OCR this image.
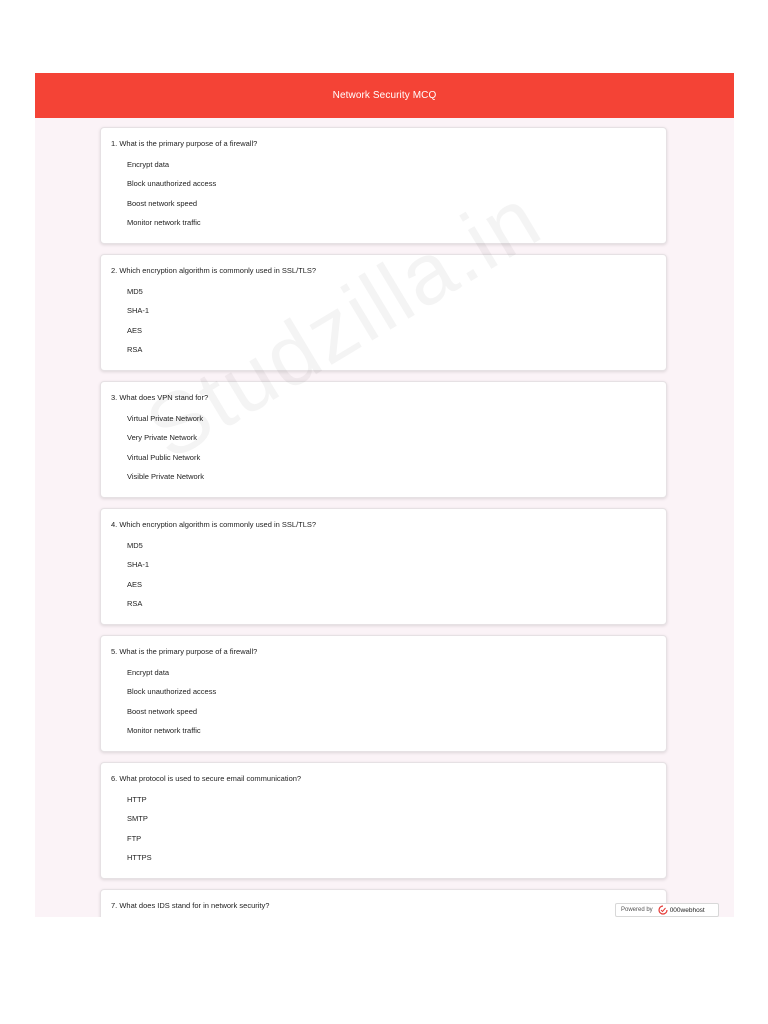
Network Security MCQ
1. What is the primary purpose of a firewall?
Encrypt data
Block unauthorized access
Boost network speed
Monitor network traffic
2. Which encryption algorithm is commonly used in SSL/TLS?
MD5
SHA-1
AES
RSA
3. What does VPN stand for?
Virtual Private Network
Very Private Network
Virtual Public Network
Visible Private Network
4. Which encryption algorithm is commonly used in SSL/TLS?
MD5
SHA-1
AES
RSA
5. What is the primary purpose of a firewall?
Encrypt data
Block unauthorized access
Boost network speed
Monitor network traffic
6. What protocol is used to secure email communication?
HTTP
SMTP
FTP
HTTPS
7. What does IDS stand for in network security?	Powered by	000webhost
